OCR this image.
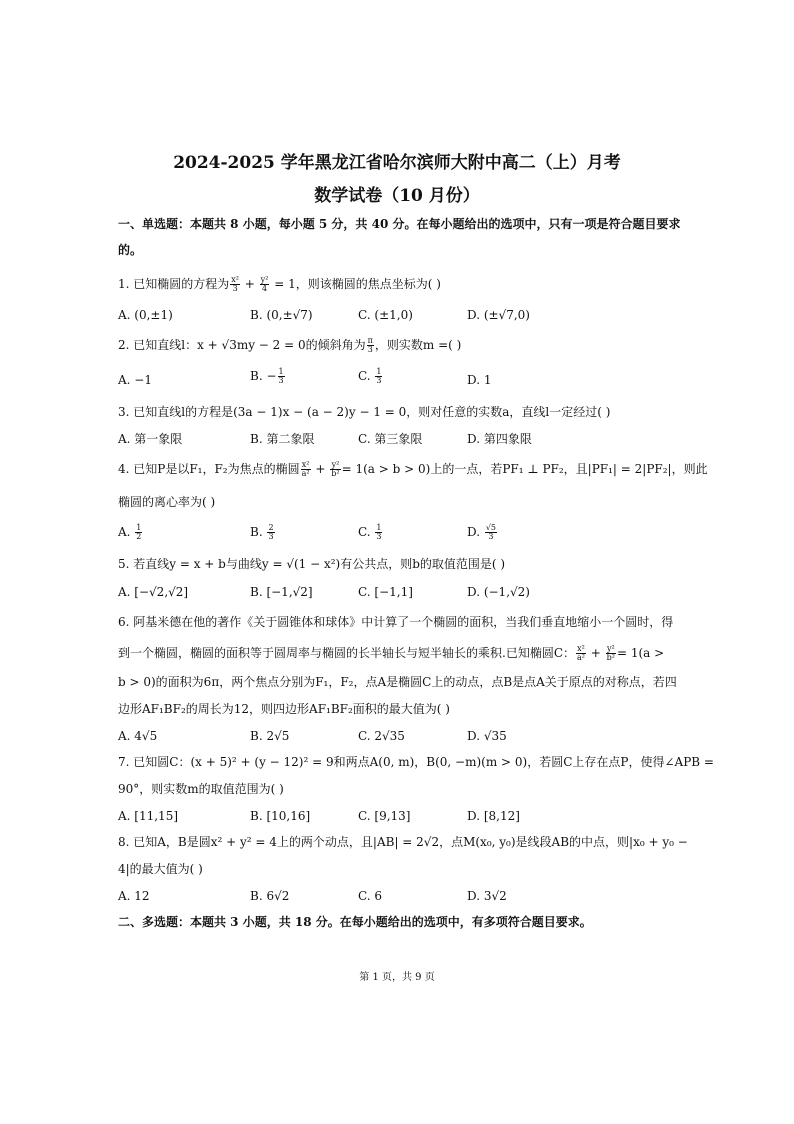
2024-2025 学年黑龙江省哈尔滨师大附中高二（上）月考
数学试卷（10 月份）
一、单选题：本题共 8 小题，每小题 5 分，共 40 分。在每小题给出的选项中，只有一项是符合题目要求
的。
1. 已知椭圆的方程为 $\frac{\text{x²}}{3} + \frac{\text{y²}}{4} = 1$，则该椭圆的焦点坐标为( )
A. (0,±1)	B. (0,±√7)	C. (±1,0)	D. (±√7,0)
2. 已知直线l：x + √3my − 2 = 0的倾斜角为 $\frac{\pi}{3}$ ，则实数m =( )
A. −1	B. − $\frac{1}{3}$	C. $\frac{1}{3}$	D. 1
3. 已知直线l的方程是(3a − 1)x − (a − 2)y − 1 = 0，则对任意的实数a，直线l一定经过( )
A. 第一象限	B. 第二象限	C. 第三象限	D. 第四象限
4. 已知P是以F₁，F₂为焦点的椭圆 $\frac{\text{x²}}{\text{a²}} + \frac{\text{y²}}{\text{b²}} = 1(a > b > 0)$上的一点，若PF₁ ⊥ PF₂，且|PF₁| = 2|PF₂|，则此
椭圆的离心率为( )
A. $\frac{1}{2}$	B. $\frac{2}{3}$	C. $\frac{1}{3}$	D. $\frac{√5}{3}$
5. 若直线y = x + b与曲线y = √(1 − x²)有公共点，则b的取值范围是( )
A. [−√2,√2]	B. [−1,√2]	C. [−1,1]	D. (−1,√2)
6. 阿基米德在他的著作《关于圆锥体和球体》中计算了一个椭圆的面积，当我们垂直地缩小一个圆时，得
到一个椭圆，椭圆的面积等于圆周率与椭圆的长半轴长与短半轴长的乘积.已知椭圆C： $\frac{\text{x²}}{\text{a²}} + \frac{\text{y²}}{\text{b²}} = 1(a$ >
b > 0)的面积为6π，两个焦点分别为F₁，F₂，点A是椭圆C上的动点，点B是点A关于原点的对称点，若四
边形AF₁BF₂的周长为12，则四边形AF₁BF₂面积的最大值为( )
A. 4√5	B. 2√5	C. 2√35	D. √35
7. 已知圆C：(x + 5)² + (y − 12)² = 9和两点A(0, m)，B(0, −m)(m > 0)，若圆C上存在点P，使得∠APB =
90°，则实数m的取值范围为( )
A. [11,15]	B. [10,16]	C. [9,13]	D. [8,12]
8. 已知A，B是圆x² + y² = 4上的两个动点，且|AB| = 2√2，点M(x₀, y₀)是线段AB的中点，则|x₀ + y₀ −
4|的最大值为( )
A. 12	B. 6√2	C. 6	D. 3√2
二、多选题：本题共 3 小题，共 18 分。在每小题给出的选项中，有多项符合题目要求。
第 1 页，共 9 页
